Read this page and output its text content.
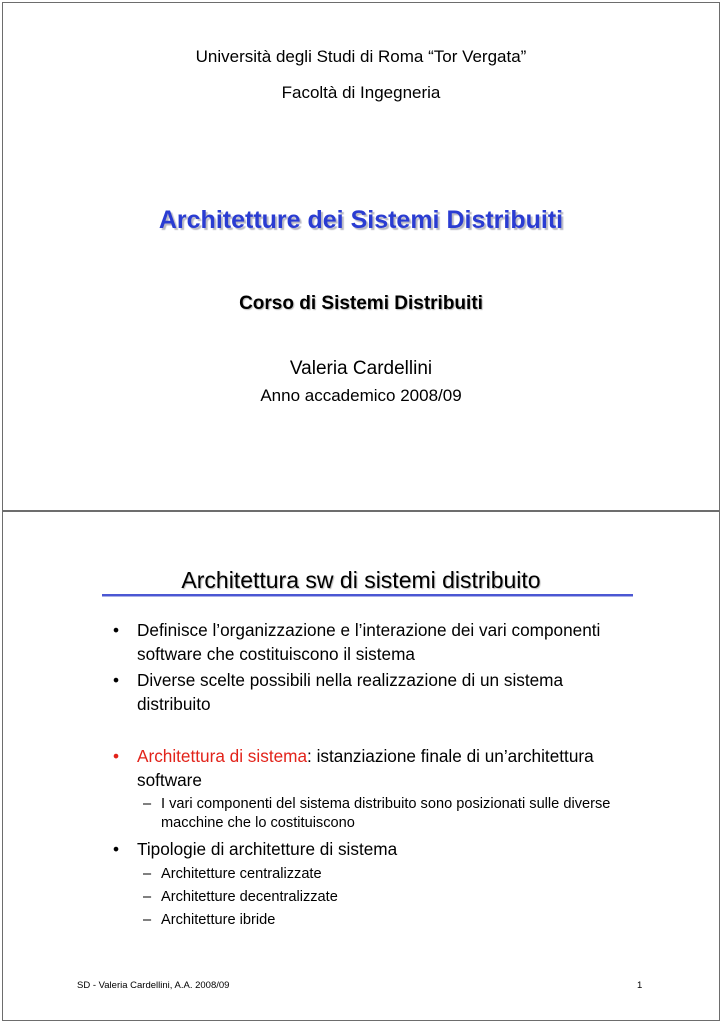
Università degli Studi di Roma “Tor Vergata”
Facoltà di Ingegneria
Architetture dei Sistemi Distribuiti
Corso di Sistemi Distribuiti
Valeria Cardellini
Anno accademico 2008/09
Architettura sw di sistemi distribuito
• Definisce l’organizzazione e l’interazione dei vari componenti software che costituiscono il sistema
• Diverse scelte possibili nella realizzazione di un sistema distribuito
• Architettura di sistema: istanziazione finale di un’architettura software
– I vari componenti del sistema distribuito sono posizionati sulle diverse macchine che lo costituiscono
• Tipologie di architetture di sistema
– Architetture centralizzate
– Architetture decentralizzate
– Architetture ibride
SD - Valeria Cardellini, A.A. 2008/09	1
